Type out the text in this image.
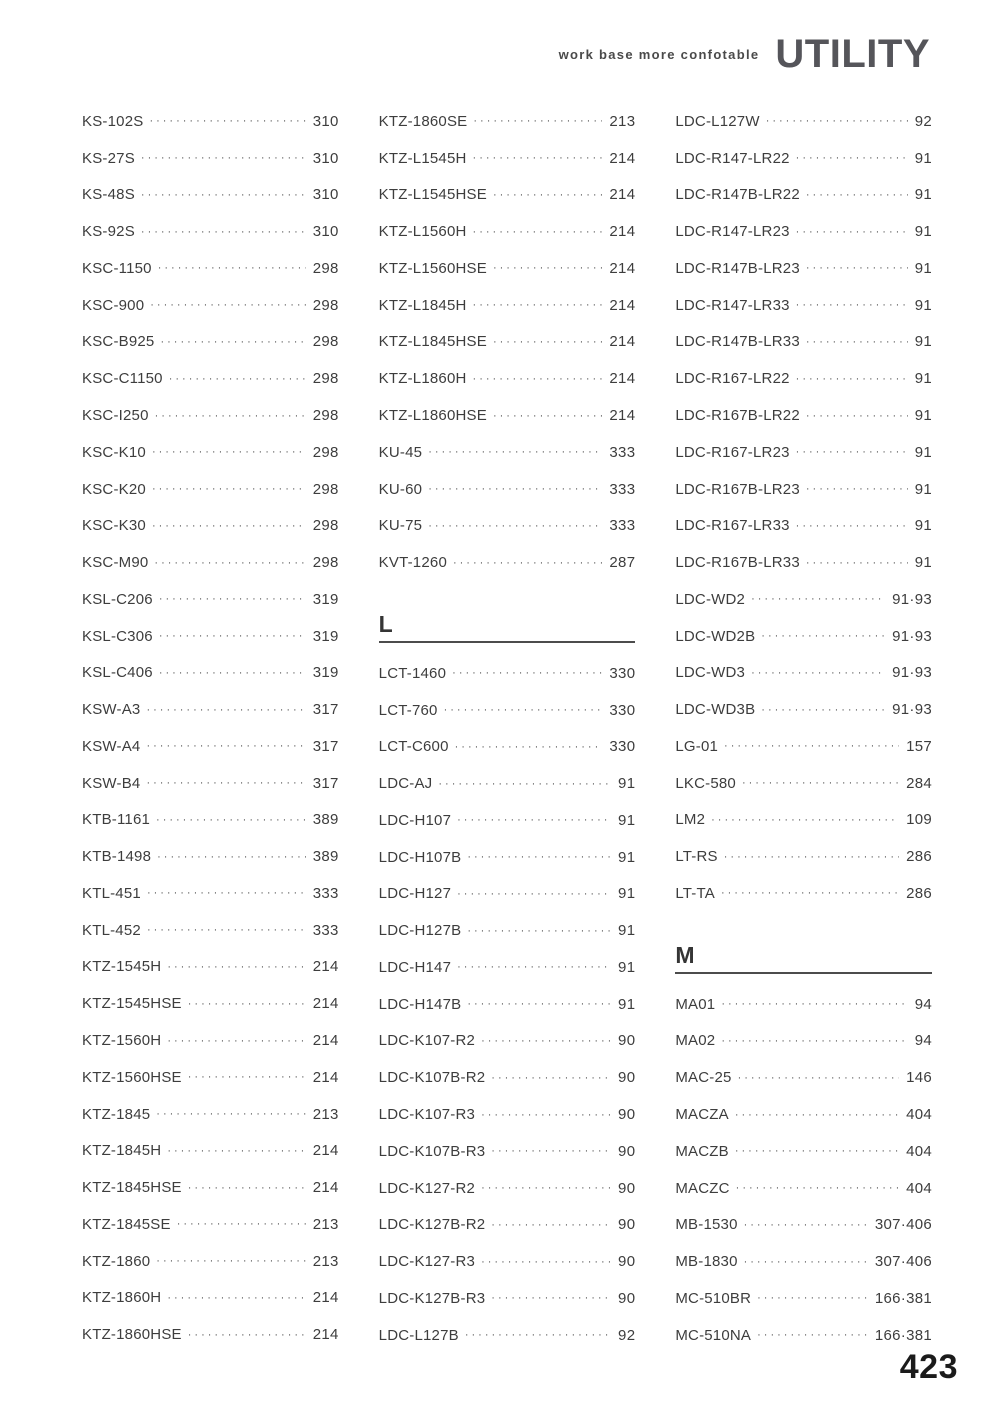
work base more confotable UTILITY
KS-102S ·····	310
KS-27S ·····	310
KS-48S ·····	310
KS-92S ·····	310
KSC-1150 ·····	298
KSC-900 ·····	298
KSC-B925 ·····	298
KSC-C1150 ·····	298
KSC-I250 ·····	298
KSC-K10 ·····	298
KSC-K20 ·····	298
KSC-K30 ·····	298
KSC-M90 ·····	298
KSL-C206 ·····	319
KSL-C306 ·····	319
KSL-C406 ·····	319
KSW-A3 ·····	317
KSW-A4 ·····	317
KSW-B4 ·····	317
KTB-1161 ·····	389
KTB-1498 ·····	389
KTL-451 ·····	333
KTL-452 ·····	333
KTZ-1545H ·····	214
KTZ-1545HSE ·····	214
KTZ-1560H ·····	214
KTZ-1560HSE ·····	214
KTZ-1845 ·····	213
KTZ-1845H ·····	214
KTZ-1845HSE ·····	214
KTZ-1845SE ·····	213
KTZ-1860 ·····	213
KTZ-1860H ·····	214
KTZ-1860HSE ·····	214
KTZ-1860SE ·····	213
KTZ-L1545H ·····	214
KTZ-L1545HSE ·····	214
KTZ-L1560H ·····	214
KTZ-L1560HSE ·····	214
KTZ-L1845H ·····	214
KTZ-L1845HSE ·····	214
KTZ-L1860H ·····	214
KTZ-L1860HSE ·····	214
KU-45 ·····	333
KU-60 ·····	333
KU-75 ·····	333
KVT-1260 ·····	287
L
LCT-1460 ·····	330
LCT-760 ·····	330
LCT-C600 ·····	330
LDC-AJ ·····	91
LDC-H107 ·····	91
LDC-H107B ·····	91
LDC-H127 ·····	91
LDC-H127B ·····	91
LDC-H147 ·····	91
LDC-H147B ·····	91
LDC-K107-R2 ·····	90
LDC-K107B-R2 ·····	90
LDC-K107-R3 ·····	90
LDC-K107B-R3 ·····	90
LDC-K127-R2 ·····	90
LDC-K127B-R2 ·····	90
LDC-K127-R3 ·····	90
LDC-K127B-R3 ·····	90
LDC-L127B ·····	92
LDC-L127W ·····	92
LDC-R147-LR22 ·····	91
LDC-R147B-LR22 ·····	91
LDC-R147-LR23 ·····	91
LDC-R147B-LR23 ·····	91
LDC-R147-LR33 ·····	91
LDC-R147B-LR33 ·····	91
LDC-R167-LR22 ·····	91
LDC-R167B-LR22 ·····	91
LDC-R167-LR23 ·····	91
LDC-R167B-LR23 ·····	91
LDC-R167-LR33 ·····	91
LDC-R167B-LR33 ·····	91
LDC-WD2 ·····	91·93
LDC-WD2B ·····	91·93
LDC-WD3 ·····	91·93
LDC-WD3B ·····	91·93
LG-01 ·····	157
LKC-580 ·····	284
LM2 ·····	109
LT-RS ·····	286
LT-TA ·····	286
M
MA01 ·····	94
MA02 ·····	94
MAC-25 ·····	146
MACZA ·····	404
MACZB ·····	404
MACZC ·····	404
MB-1530 ·····	307·406
MB-1830 ·····	307·406
MC-510BR ·····	166·381
MC-510NA ·····	166·381
423
